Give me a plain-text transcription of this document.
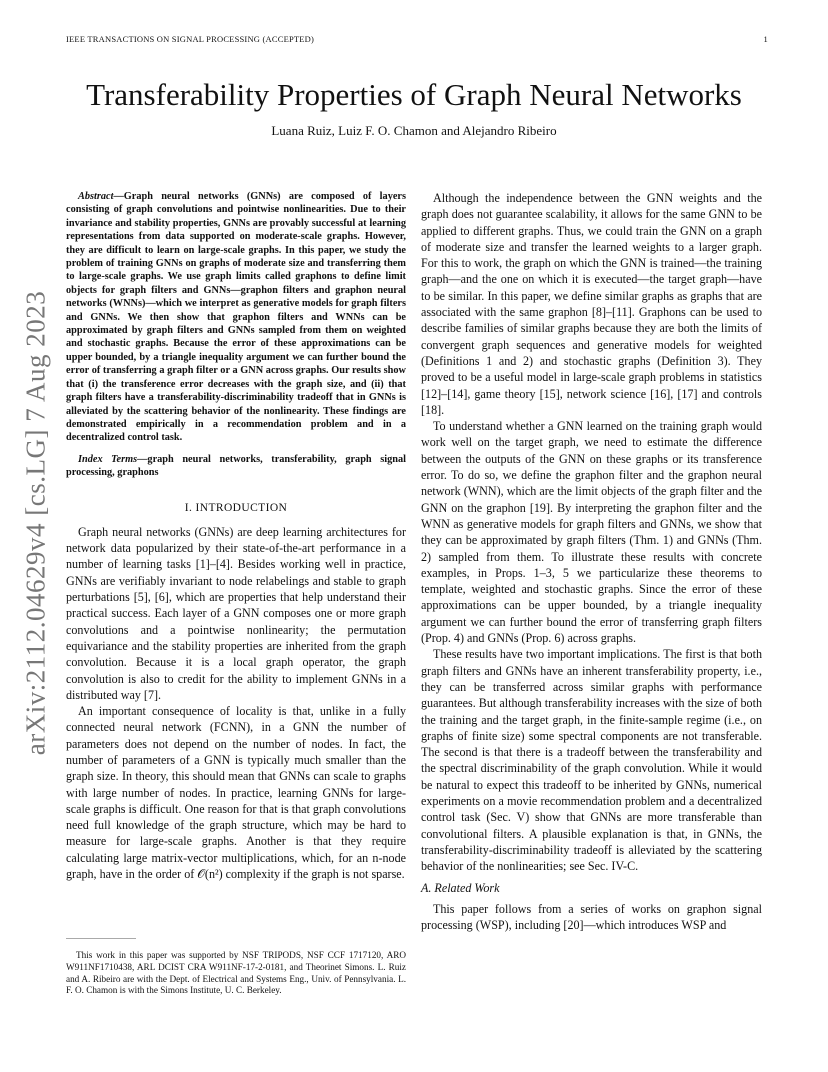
IEEE TRANSACTIONS ON SIGNAL PROCESSING (ACCEPTED)	1
Transferability Properties of Graph Neural Networks
Luana Ruiz, Luiz F. O. Chamon and Alejandro Ribeiro
arXiv:2112.04629v4 [cs.LG] 7 Aug 2023

Abstract—Graph neural networks (GNNs) are composed of layers consisting of graph convolutions and pointwise nonlinearities. Due to their invariance and stability properties, GNNs are provably successful at learning representations from data supported on moderate-scale graphs. However, they are difficult to learn on large-scale graphs. In this paper, we study the problem of training GNNs on graphs of moderate size and transferring them to large-scale graphs. We use graph limits called graphons to define limit objects for graph filters and GNNs—graphon filters and graphon neural networks (WNNs)—which we interpret as generative models for graph filters and GNNs. We then show that graphon filters and WNNs can be approximated by graph filters and GNNs sampled from them on weighted and stochastic graphs. Because the error of these approximations can be upper bounded, by a triangle inequality argument we can further bound the error of transferring a graph filter or a GNN across graphs. Our results show that (i) the transference error decreases with the graph size, and (ii) that graph filters have a transferability-discriminability tradeoff that in GNNs is alleviated by the scattering behavior of the nonlinearity. These findings are demonstrated empirically in a recommendation problem and in a decentralized control task.

Index Terms—graph neural networks, transferability, graph signal processing, graphons

I. INTRODUCTION

Graph neural networks (GNNs) are deep learning architectures for network data popularized by their state-of-the-art performance in a number of learning tasks [1]–[4]. Besides working well in practice, GNNs are verifiably invariant to node relabelings and stable to graph perturbations [5], [6], which are properties that help understand their practical success. Each layer of a GNN composes one or more graph convolutions and a pointwise nonlinearity; the permutation equivariance and the stability properties are inherited from the graph convolution. Because it is a local graph operator, the graph convolution is also to credit for the ability to implement GNNs in a distributed way [7].

An important consequence of locality is that, unlike in a fully connected neural network (FCNN), in a GNN the number of parameters does not depend on the number of nodes. In fact, the number of parameters of a GNN is typically much smaller than the graph size. In theory, this should mean that GNNs can scale to graphs with large number of nodes. In practice, learning GNNs for large-scale graphs is difficult. One reason for that is that graph convolutions need full knowledge of the graph structure, which may be hard to measure for large-scale graphs. Another is that they require calculating large matrix-vector multiplications, which, for an n-node graph, have in the order of 𝒪(n²) complexity if the graph is not sparse.

This work in this paper was supported by NSF TRIPODS, NSF CCF 1717120, ARO W911NF1710438, ARL DCIST CRA W911NF-17-2-0181, and Theorinet Simons. L. Ruiz and A. Ribeiro are with the Dept. of Electrical and Systems Eng., Univ. of Pennsylvania. L. F. O. Chamon is with the Simons Institute, U. C. Berkeley.

Although the independence between the GNN weights and the graph does not guarantee scalability, it allows for the same GNN to be applied to different graphs. Thus, we could train the GNN on a graph of moderate size and transfer the learned weights to a larger graph. For this to work, the graph on which the GNN is trained—the training graph—and the one on which it is executed—the target graph—have to be similar. In this paper, we define similar graphs as graphs that are associated with the same graphon [8]–[11]. Graphons can be used to describe families of similar graphs because they are both the limits of convergent graph sequences and generative models for weighted (Definitions 1 and 2) and stochastic graphs (Definition 3). They proved to be a useful model in large-scale graph problems in statistics [12]–[14], game theory [15], network science [16], [17] and controls [18].

To understand whether a GNN learned on the training graph would work well on the target graph, we need to estimate the difference between the outputs of the GNN on these graphs or its transference error. To do so, we define the graphon filter and the graphon neural network (WNN), which are the limit objects of the graph filter and the GNN on the graphon [19]. By interpreting the graphon filter and the WNN as generative models for graph filters and GNNs, we show that they can be approximated by graph filters (Thm. 1) and GNNs (Thm. 2) sampled from them. To illustrate these results with concrete examples, in Props. 1–3, 5 we particularize these theorems to template, weighted and stochastic graphs. Since the error of these approximations can be upper bounded, by a triangle inequality argument we can further bound the error of transferring graph filters (Prop. 4) and GNNs (Prop. 6) across graphs.

These results have two important implications. The first is that both graph filters and GNNs have an inherent transferability property, i.e., they can be transferred across similar graphs with performance guarantees. But although transferability increases with the size of both the training and the target graph, in the finite-sample regime (i.e., on graphs of finite size) some spectral components are not transferable. The second is that there is a tradeoff between the transferability and the spectral discriminability of the graph convolution. While it would be natural to expect this tradeoff to be inherited by GNNs, numerical experiments on a movie recommendation problem and a decentralized control task (Sec. V) show that GNNs are more transferable than convolutional filters. A plausible explanation is that, in GNNs, the transferability-discriminability tradeoff is alleviated by the scattering behavior of the nonlinearities; see Sec. IV-C.

A. Related Work

This paper follows from a series of works on graphon signal processing (WSP), including [20]—which introduces WSP and
